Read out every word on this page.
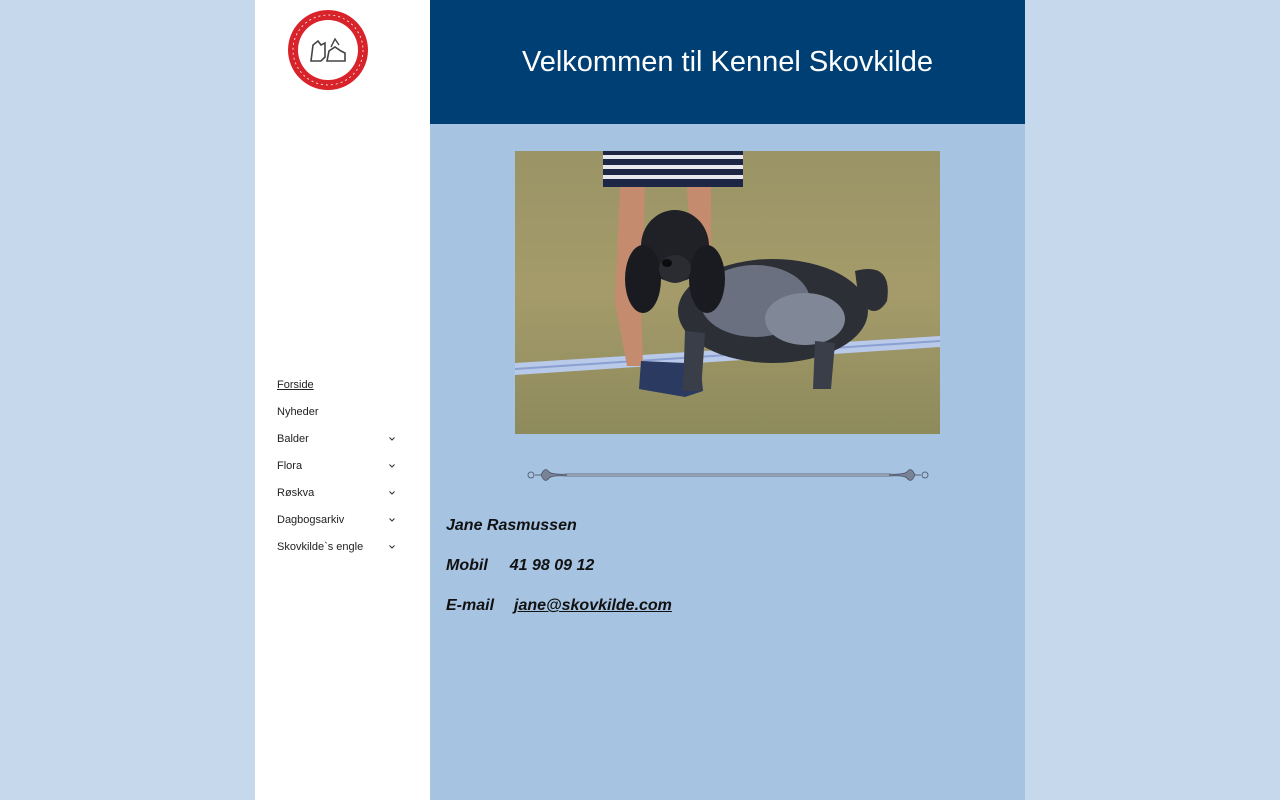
Forside
Nyheder
Balder
Flora
Røskva
Dagbogsarkiv
Skovkilde`s engle
Velkommen til Kennel Skovkilde
Jane Rasmussen
Mobil 41 98 09 12
E-mail jane@skovkilde.com
